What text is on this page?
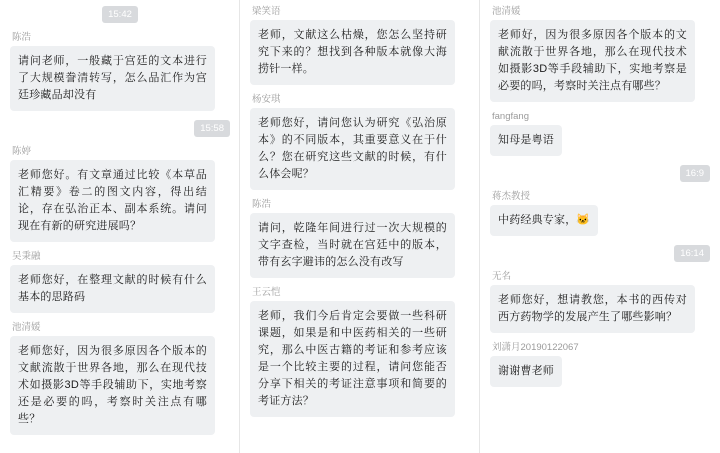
15:42
陈浩
请问老师，一般藏于宫廷的文本进行了大规模誊清转写，怎么品汇作为宫廷珍藏品却没有
15:58
陈婷
老师您好。有文章通过比较《本草品汇精要》卷二的图文内容，得出结论，存在弘治正本、副本系统。请问现在有新的研究进展吗？
吴秉融
老师您好，在整理文献的时候有什么基本的思路码
池清媛
老师您好，因为很多原因各个版本的文献流散于世界各地，那么在现代技术如摄影3D等手段辅助下，实地考察还是必要的吗，考察时关注点有哪些？
梁笑语
老师，文献这么枯燥，您怎么坚持研究下来的？想找到各种版本就像大海捞针一样。
杨安琪
老师您好，请问您认为研究《弘治原本》的不同版本，其重要意义在于什么？您在研究这些文献的时候，有什么体会呢？
陈浩
请问，乾隆年间进行过一次大规模的文字查检，当时就在宫廷中的版本，带有玄字避讳的怎么没有改写
王云恺
老师，我们今后肯定会要做一些科研课题，如果是和中医药相关的一些研究，那么中医古籍的考证和参考应该是一个比较主要的过程，请问您能否分享下相关的考证注意事项和简要的考证方法？
池清媛
老师好，因为很多原因各个版本的文献流散于世界各地，那么在现代技术如摄影3D等手段辅助下，实地考察是必要的吗，考察时关注点有哪些？
fangfang
知母是粤语
16:9
蒋杰教授
中药经典专家，🐱
16:14
无名
老师您好，想请教您，本书的西传对西方药物学的发展产生了哪些影响？
刘潇月20190122067
谢谢曹老师
